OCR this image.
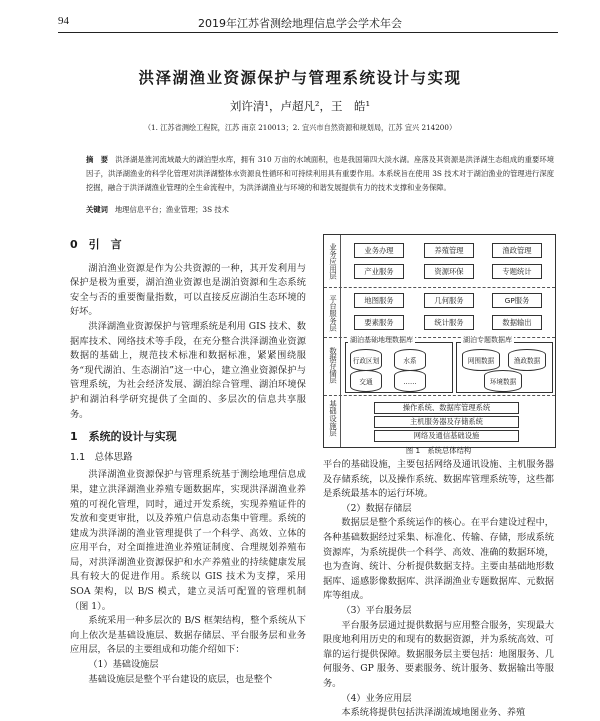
94	2019年江苏省测绘地理信息学会学术年会
洪泽湖渔业资源保护与管理系统设计与实现
刘许清¹，卢超凡²，王　皓¹
（1. 江苏省测绘工程院，江苏 南京 210013；2. 宜兴市自然资源和规划局，江苏 宜兴 214200）
摘　要 洪泽湖是淮河流域最大的湖泊型水库，拥有 310 万亩的水域面积，也是我国第四大淡水湖。座落及其资源是洪泽湖生态组成的重要环境因子，洪泽湖渔业的科学化管理对洪泽湖整体水资源良性循环和可持续利用具有重要作用。本系统旨在使用 3S 技术对于湖泊渔业的管理进行深度挖掘，融合于洪泽湖渔业管理的全生命流程中，为洪泽湖渔业与环境的和谐发展提供有力的技术支撑和业务保障。
关键词 地理信息平台；渔业管理；3S 技术
0　引　言

湖泊渔业资源是作为公共资源的一种，其开发利用与保护是极为重要，湖泊渔业资源也是湖泊资源和生态系统安全与否的重要衡量指数，可以直接反应湖泊生态环境的好坏。

洪泽湖渔业资源保护与管理系统是利用 GIS 技术、数据库技术、网络技术等手段，在充分整合洪泽湖渔业资源数据的基础上，规范技术标准和数据标准，紧紧围绕服务“现代湖泊、生态湖泊”这一中心，建立渔业资源保护与管理系统，为社会经济发展、湖泊综合管理、湖泊环境保护和湖泊科学研究提供了全面的、多层次的信息共享服务。

1　系统的设计与实现
1.1　总体思路

洪泽湖渔业资源保护与管理系统基于测绘地理信息成果，建立洪泽湖渔业养殖专题数据库，实现洪泽湖渔业养殖的可视化管理，同时，通过开发系统，实现养殖证件的发放和变更审批，以及养殖户信息动态集中管理。系统的建成为洪泽湖的渔业管理提供了一个科学、高效、立体的应用平台，对全面推进渔业养殖证制度、合理规划养殖布局，对洪泽湖渔业资源保护和水产养殖业的持续健康发展具有较大的促进作用。系统以 GIS 技术为支撑，采用 SOA 架构，以 B/S 模式，建立灵活可配置的管理机制（图 1）。

系统采用一种多层次的 B/S 框架结构，整个系统从下向上依次是基础设施层、数据存储层、平台服务层和业务应用层，各层的主要组成和功能介绍如下：

（1）基础设施层

基础设施层是整个平台建设的底层，也是整个

业务应用层
平台服务层
数据存储层
基础设施层
业务办理	养殖管理	渔政管理
产业服务	资源环保	专题统计
地图服务	几何服务	GP服务
要素服务	统计服务	数据输出
湖泊基础地理数据库
行政区划	水系
交通	……
湖泊专题数据库
网围数据	渔政数据
环境数据
操作系统、数据库管理系统
主机服务器及存储系统
网络及通信基础设施
图 1　系统总体结构

平台的基础设施，主要包括网络及通讯设施、主机服务器及存储系统，以及操作系统、数据库管理系统等，这些都是系统最基本的运行环境。

（2）数据存储层

数据层是整个系统运作的核心。在平台建设过程中，各种基础数据经过采集、标准化、传输、存储，形成系统资源库，为系统提供一个科学、高效、准确的数据环境，也为查询、统计、分析提供数据支持。主要由基础地形数据库、遥感影像数据库、洪泽湖渔业专题数据库、元数据库等组成。

（3）平台服务层

平台服务层通过提供数据与应用整合服务，实现最大限度地利用历史的和现有的数据资源，并为系统高效、可靠的运行提供保障。数据服务层主要包括：地图服务、几何服务、GP 服务、要素服务、统计服务、数据输出等服务。

（4）业务应用层

本系统将提供包括洪泽湖流域地图业务、养殖
